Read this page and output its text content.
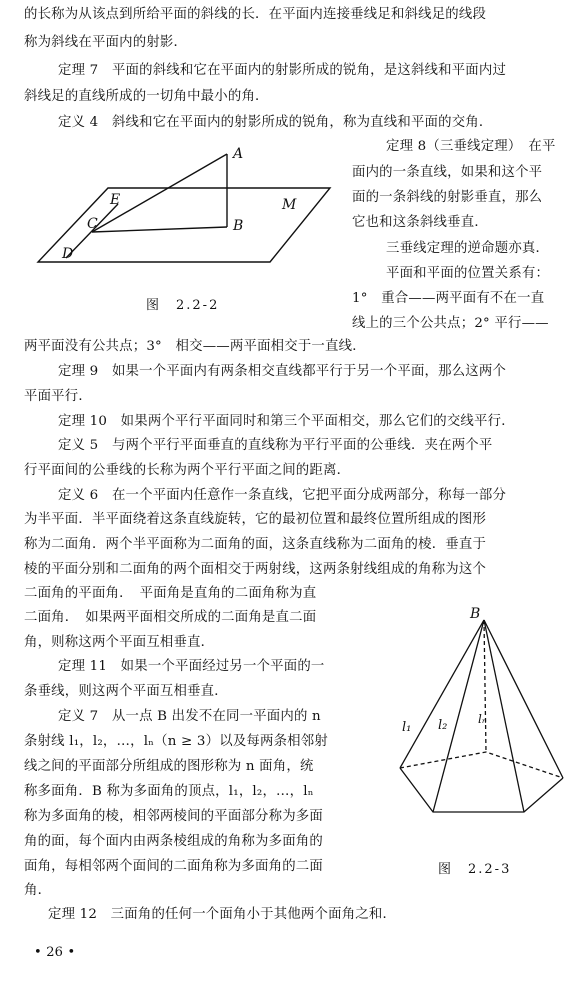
的长称为从该点到所给平面的斜线的长．在平面内连接垂线足和斜线足的线段
称为斜线在平面内的射影．
定理 7　平面的斜线和它在平面内的射影所成的锐角，是这斜线和平面内过
斜线足的直线所成的一切角中最小的角．
定义 4　斜线和它在平面内的射影所成的锐角，称为直线和平面的交角．
定理 8（三垂线定理）　在平
面内的一条直线，如果和这个平
面的一条斜线的射影垂直，那么
它也和这条斜线垂直．
三垂线定理的逆命题亦真．
平面和平面的位置关系有：
1°　重合——两平面有不在一直
线上的三个公共点；2° 平行——
两平面没有公共点；3°　相交——两平面相交于一直线．
定理 9　如果一个平面内有两条相交直线都平行于另一个平面，那么这两个
平面平行．
定理 10　如果两个平行平面同时和第三个平面相交，那么它们的交线平行．
定义 5　与两个平行平面垂直的直线称为平行平面的公垂线．夹在两个平
行平面间的公垂线的长称为两个平行平面之间的距离．
定义 6　在一个平面内任意作一条直线，它把平面分成两部分，称每一部分
为半平面．半平面绕着这条直线旋转，它的最初位置和最终位置所组成的图形
称为二面角．两个半平面称为二面角的面，这条直线称为二面角的棱．垂直于
棱的平面分别和二面角的两个面相交于两射线，这两条射线组成的角称为这个
二面角的平面角．　平面角是直角的二面角称为直
二面角．　如果两平面相交所成的二面角是直二面
角，则称这两个平面互相垂直．
定理 11　如果一个平面经过另一个平面的一
条垂线，则这两个平面互相垂直．
定义 7　从一点 B 出发不在同一平面内的 n
条射线 l₁，l₂，…，lₙ（n ≥ 3）以及每两条相邻射
线之间的平面部分所组成的图形称为 n 面角，统
称多面角．B 称为多面角的顶点，l₁，l₂，…，lₙ
称为多面角的棱，相邻两棱间的平面部分称为多面
角的面，每个面内由两条棱组成的角称为多面角的
面角，每相邻两个面间的二面角称为多面角的二面
角．
定理 12　三面角的任何一个面角小于其他两个面角之和．
A
E
C	B
M
D
图　2.2-2
B
l₁ l₂	lₙ
图　2.2-3
• 26 •
